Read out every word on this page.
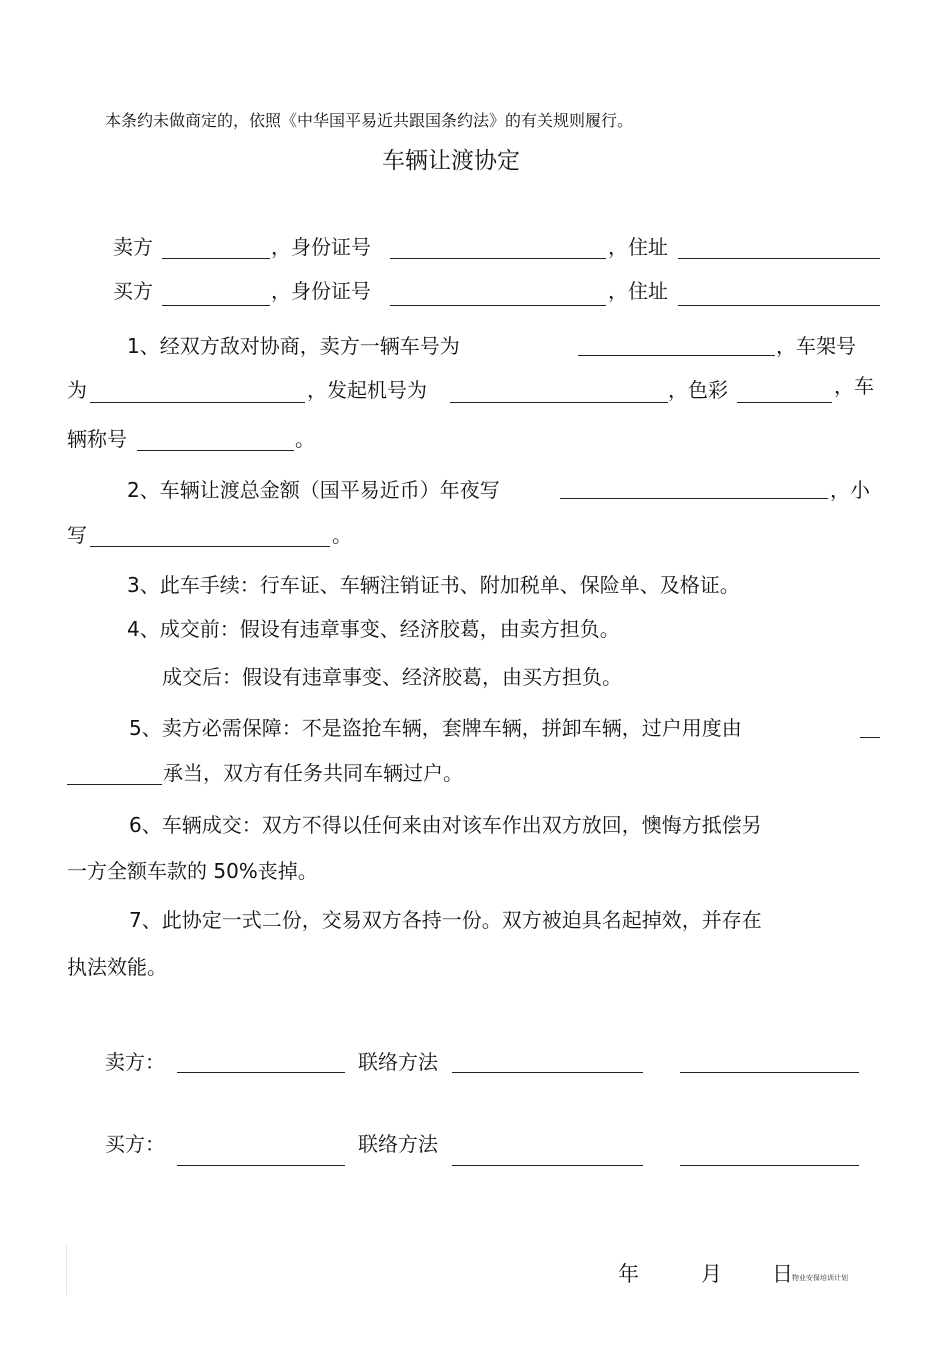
本条约未做商定的，依照《中华国平易近共跟国条约法》的有关规则履行。
车辆让渡协定
卖方	，身份证号	，住址
买方	，身份证号	，住址
1、经双方敌对协商，卖方一辆车号为	，车架号
为	，发起机号为	，色彩	，车
辆称号	。
2、车辆让渡总金额（国平易近币）年夜写	，小
写	。
3、此车手续：行车证、车辆注销证书、附加税单、保险单、及格证。
4、成交前：假设有违章事变、经济胶葛，由卖方担负。
成交后：假设有违章事变、经济胶葛，由买方担负。
5、卖方必需保障：不是盗抢车辆，套牌车辆，拼卸车辆，过户用度由
承当，双方有任务共同车辆过户。
6、车辆成交：双方不得以任何来由对该车作出双方放回，懊悔方抵偿另
一方全额车款的 50%丧掉。
7、此协定一式二份，交易双方各持一份。双方被迫具名起掉效，并存在
执法效能。
卖方：	联络方法
买方：	联络方法
年	月 日 物业安保培训计划
